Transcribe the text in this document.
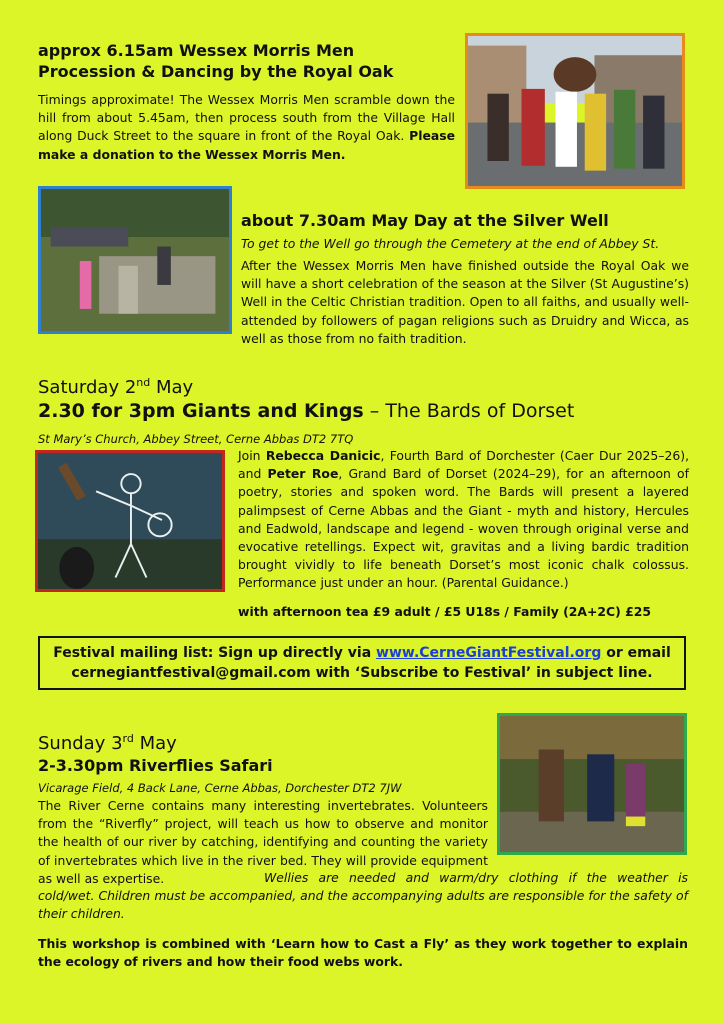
approx 6.15am Wessex Morris Men
Procession & Dancing by the Royal Oak
Timings approximate! The Wessex Morris Men scramble down the hill from about 5.45am, then process south from the Village Hall along Duck Street to the square in front of the Royal Oak. Please make a donation to the Wessex Morris Men.
about 7.30am May Day at the Silver Well
To get to the Well go through the Cemetery at the end of Abbey St.
After the Wessex Morris Men have finished outside the Royal Oak we will have a short celebration of the season at the Silver (St Augustine’s) Well in the Celtic Christian tradition. Open to all faiths, and usually well-attended by followers of pagan religions such as Druidry and Wicca, as well as those from no faith tradition.
Saturday 2nd May
2.30 for 3pm Giants and Kings – The Bards of Dorset
St Mary’s Church, Abbey Street, Cerne Abbas DT2 7TQ
Join Rebecca Danicic, Fourth Bard of Dorchester (Caer Dur 2025–26), and Peter Roe, Grand Bard of Dorset (2024–29), for an afternoon of poetry, stories and spoken word. The Bards will present a layered palimpsest of Cerne Abbas and the Giant - myth and history, Hercules and Eadwold, landscape and legend - woven through original verse and evocative retellings. Expect wit, gravitas and a living bardic tradition brought vividly to life beneath Dorset’s most iconic chalk colossus. Performance just under an hour. (Parental Guidance.)
with afternoon tea £9 adult / £5 U18s / Family (2A+2C) £25
Festival mailing list: Sign up directly via www.CerneGiantFestival.org or email
cernegiantfestival@gmail.com with ‘Subscribe to Festival’ in subject line.
Sunday 3rd May
2-3.30pm Riverflies Safari
Vicarage Field, 4 Back Lane, Cerne Abbas, Dorchester DT2 7JW
The River Cerne contains many interesting invertebrates. Volunteers from the “Riverfly” project, will teach us how to observe and monitor the health of our river by catching, identifying and counting the variety of invertebrates which live in the river bed. They will provide equipment as well as expertise.	Wellies are needed and warm/dry clothing if the weather is cold/wet. Children must be accompanied, and the accompanying adults are responsible for the safety of their children.
This workshop is combined with ‘Learn how to Cast a Fly’ as they work together to explain the ecology of rivers and how their food webs work.
